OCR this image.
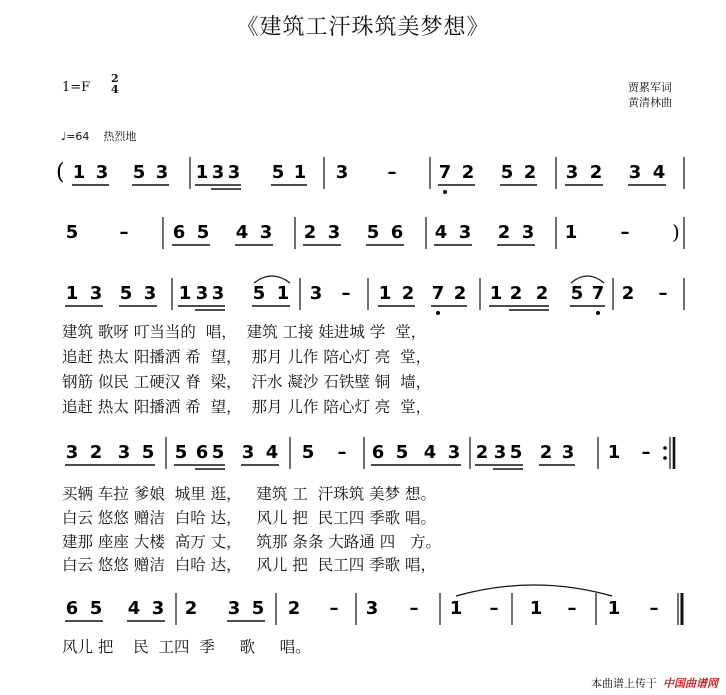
《建筑工汗珠筑美梦想》
1=F
2
4	贾累军词
黄清林曲
♩=64 热烈地
( 1 3 5 3 1 3 3 5 1 3 – 7 2 5 2 3 2 3 4
5 – 6 5 4 3 2 3 5 6 4 3 2 3 1 – )
1 3 5 3 1 3 3 5 1 3 – 1 2 7 2 1 2 2 5 7 2 –
3 2 3 5 5 6 5 3 4 5 – 6 5 4 3 2 3 5 2 3 1 –
6 5 4 3 2 3 5 2 – 3 – 1 – 1 – 1 –
建筑 歌呀 叮当当的  唱，  建筑 工接 娃进城 学  堂，
追赶 热太 阳播洒 希  望，  那月 儿作 陪心灯 亮  堂，
钢筋 似民 工硬汉 脊  梁，  汗水 凝沙 石铁壁 铜  墙，
追赶 热太 阳播洒 希  望，  那月 儿作 陪心灯 亮  堂，
买辆 车拉 爹娘  城里 逛，   建筑 工  汗珠筑 美梦 想。
白云 悠悠 赠洁  白哈 达，   风儿 把  民工四 季歌 唱。
建那 座座 大楼  高万 丈，   筑那 条条 大路通 四   方。
白云 悠悠 赠洁  白哈 达，   风儿 把  民工四 季歌 唱，
风儿 把    民  工四  季     歌     唱。
本曲谱上传于 中国曲谱网
